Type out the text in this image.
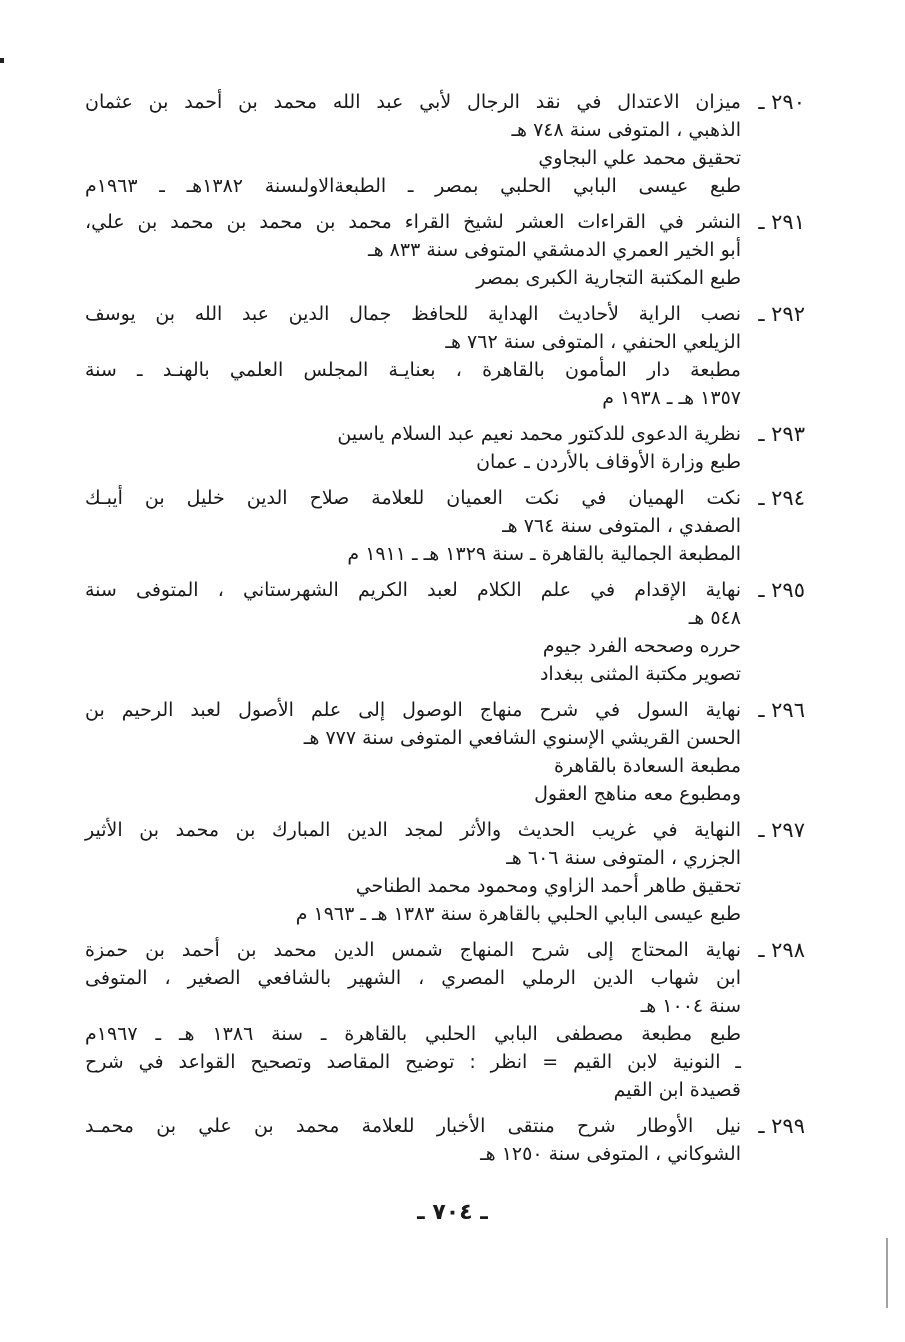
٢٩٠ ـ
ميزان الاعتدال في نقد الرجال لأبي عبد الله محمد بن أحمد بن عثمان
الذهبي ، المتوفى سنة ٧٤٨ هـ
تحقيق محمد علي البجاوي
طبع عيسى البابي الحلبي بمصر ـ الطبعةالاولىسنة ١٣٨٢هـ ـ ١٩٦٣م
٢٩١ ـ
النشر في القراءات العشر لشيخ القراء محمد بن محمد بن محمد بن علي،
أبو الخير العمري الدمشقي المتوفى سنة ٨٣٣ هـ
طبع المكتبة التجارية الكبرى بمصر
٢٩٢ ـ
نصب الراية لأحاديث الهداية للحافظ جمال الدين عبد الله بن يوسف
الزيلعي الحنفي ، المتوفى سنة ٧٦٢ هـ
مطبعة دار المأمون بالقاهرة ، بعنايـة المجلس العلمي بالهنـد ـ سنة
١٣٥٧ هـ ـ ١٩٣٨ م
٢٩٣ ـ
نظرية الدعوى للدكتور محمد نعيم عبد السلام ياسين
طبع وزارة الأوقاف بالأردن ـ عمان
٢٩٤ ـ
نكت الهميان في نكت العميان للعلامة صلاح الدين خليل بن أيبـك
الصفدي ، المتوفى سنة ٧٦٤ هـ
المطبعة الجمالية بالقاهرة ـ سنة ١٣٢٩ هـ ـ ١٩١١ م
٢٩٥ ـ
نهاية الإقدام في علم الكلام لعبد الكريم الشهرستاني ، المتوفى سنة
٥٤٨ هـ
حرره وصححه الفرد جيوم
تصوير مكتبة المثنى ببغداد
٢٩٦ ـ
نهاية السول في شرح منهاج الوصول إلى علم الأصول لعبد الرحيم بن
الحسن القريشي الإسنوي الشافعي المتوفى سنة ٧٧٧ هـ
مطبعة السعادة بالقاهرة
ومطبوع معه مناهج العقول
٢٩٧ ـ
النهاية في غريب الحديث والأثر لمجد الدين المبارك بن محمد بن الأثير
الجزري ، المتوفى سنة ٦٠٦ هـ
تحقيق طاهر أحمد الزاوي ومحمود محمد الطناحي
طبع عيسى البابي الحلبي بالقاهرة سنة ١٣٨٣ هـ ـ ١٩٦٣ م
٢٩٨ ـ
نهاية المحتاج إلى شرح المنهاج شمس الدين محمد بن أحمد بن حمزة
ابن شهاب الدين الرملي المصري ، الشهير بالشافعي الصغير ، المتوفى
سنة ١٠٠٤ هـ
طبع مطبعة مصطفى البابي الحلبي بالقاهرة ـ سنة ١٣٨٦ هـ ـ ١٩٦٧م
ـ النونية لابن القيم = انظر : توضيح المقاصد وتصحيح القواعد في شرح
قصيدة ابن القيم
٢٩٩ ـ
نيل الأوطار شرح منتقى الأخبار للعلامة محمد بن علي بن محمـد
الشوكاني ، المتوفى سنة ١٢٥٠ هـ
ـ ٧٠٤ ـ
